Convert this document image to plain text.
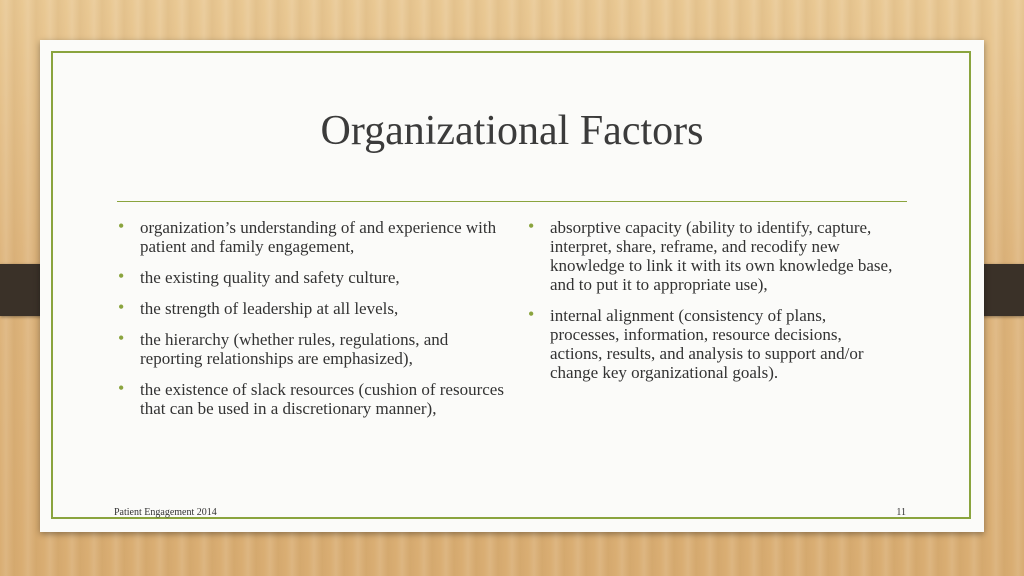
Organizational Factors
• organization’s understanding of and experience with patient and family engagement,
• the existing quality and safety culture,
• the strength of leadership at all levels,
• the hierarchy (whether rules, regulations, and reporting relationships are emphasized),
• the existence of slack resources (cushion of resources that can be used in a discretionary manner),
• absorptive capacity (ability to identify, capture, interpret, share, reframe, and recodify new knowledge to link it with its own knowledge base, and to put it to appropriate use),
• internal alignment (consistency of plans, processes, information, resource decisions, actions, results, and analysis to support and/or change key organizational goals).
Patient Engagement 2014	11
